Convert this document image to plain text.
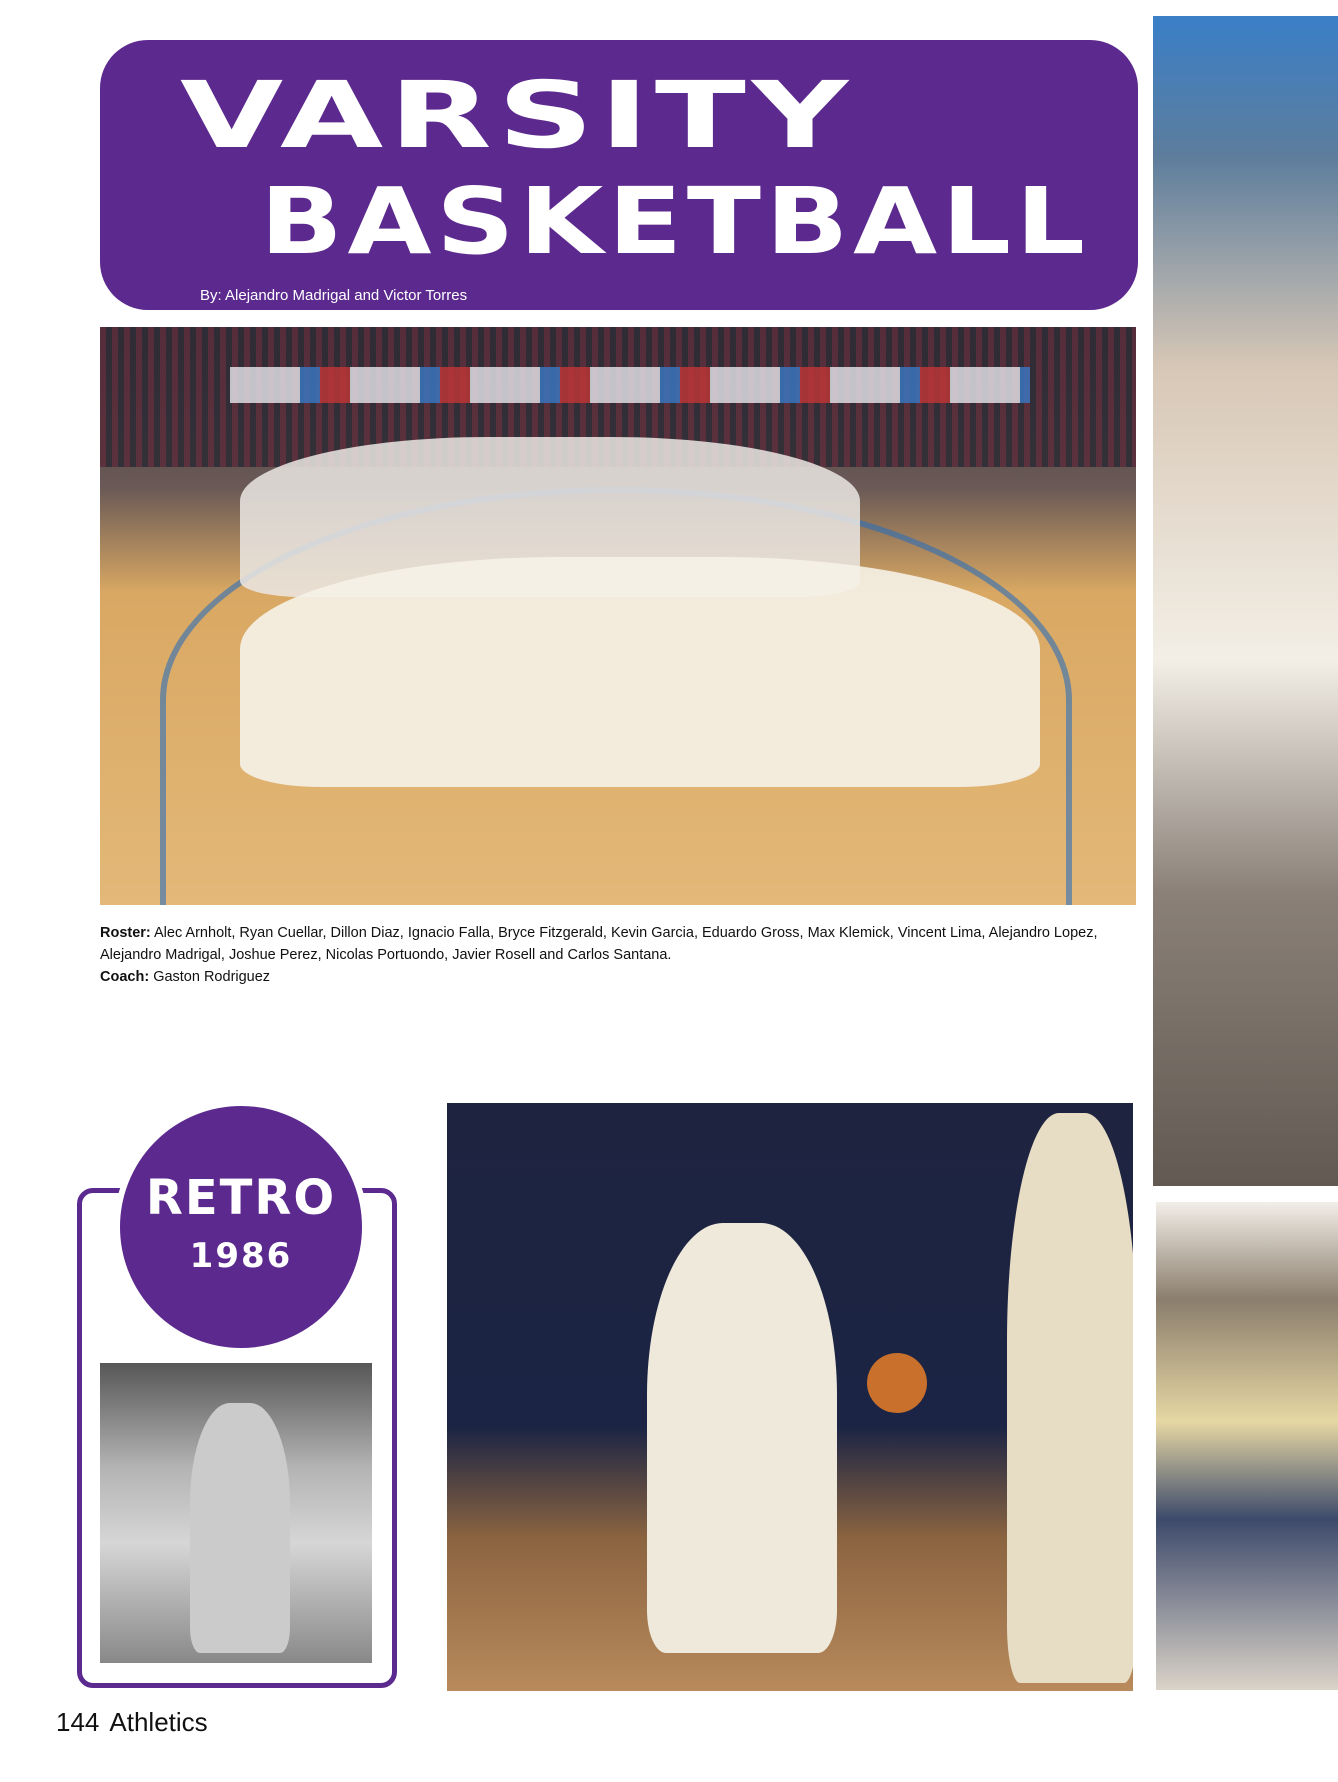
VARSITY
BASKETBALL
By: Alejandro Madrigal and Victor Torres
Roster: Alec Arnholt, Ryan Cuellar, Dillon Diaz, Ignacio Falla, Bryce Fitzgerald, Kevin Garcia, Eduardo Gross, Max Klemick, Vincent Lima, Alejandro Lopez, Alejandro Madrigal, Joshue Perez, Nicolas Portuondo, Javier Rosell and Carlos Santana.
Coach: Gaston Rodriguez
RETRO
1986
144 Athletics
